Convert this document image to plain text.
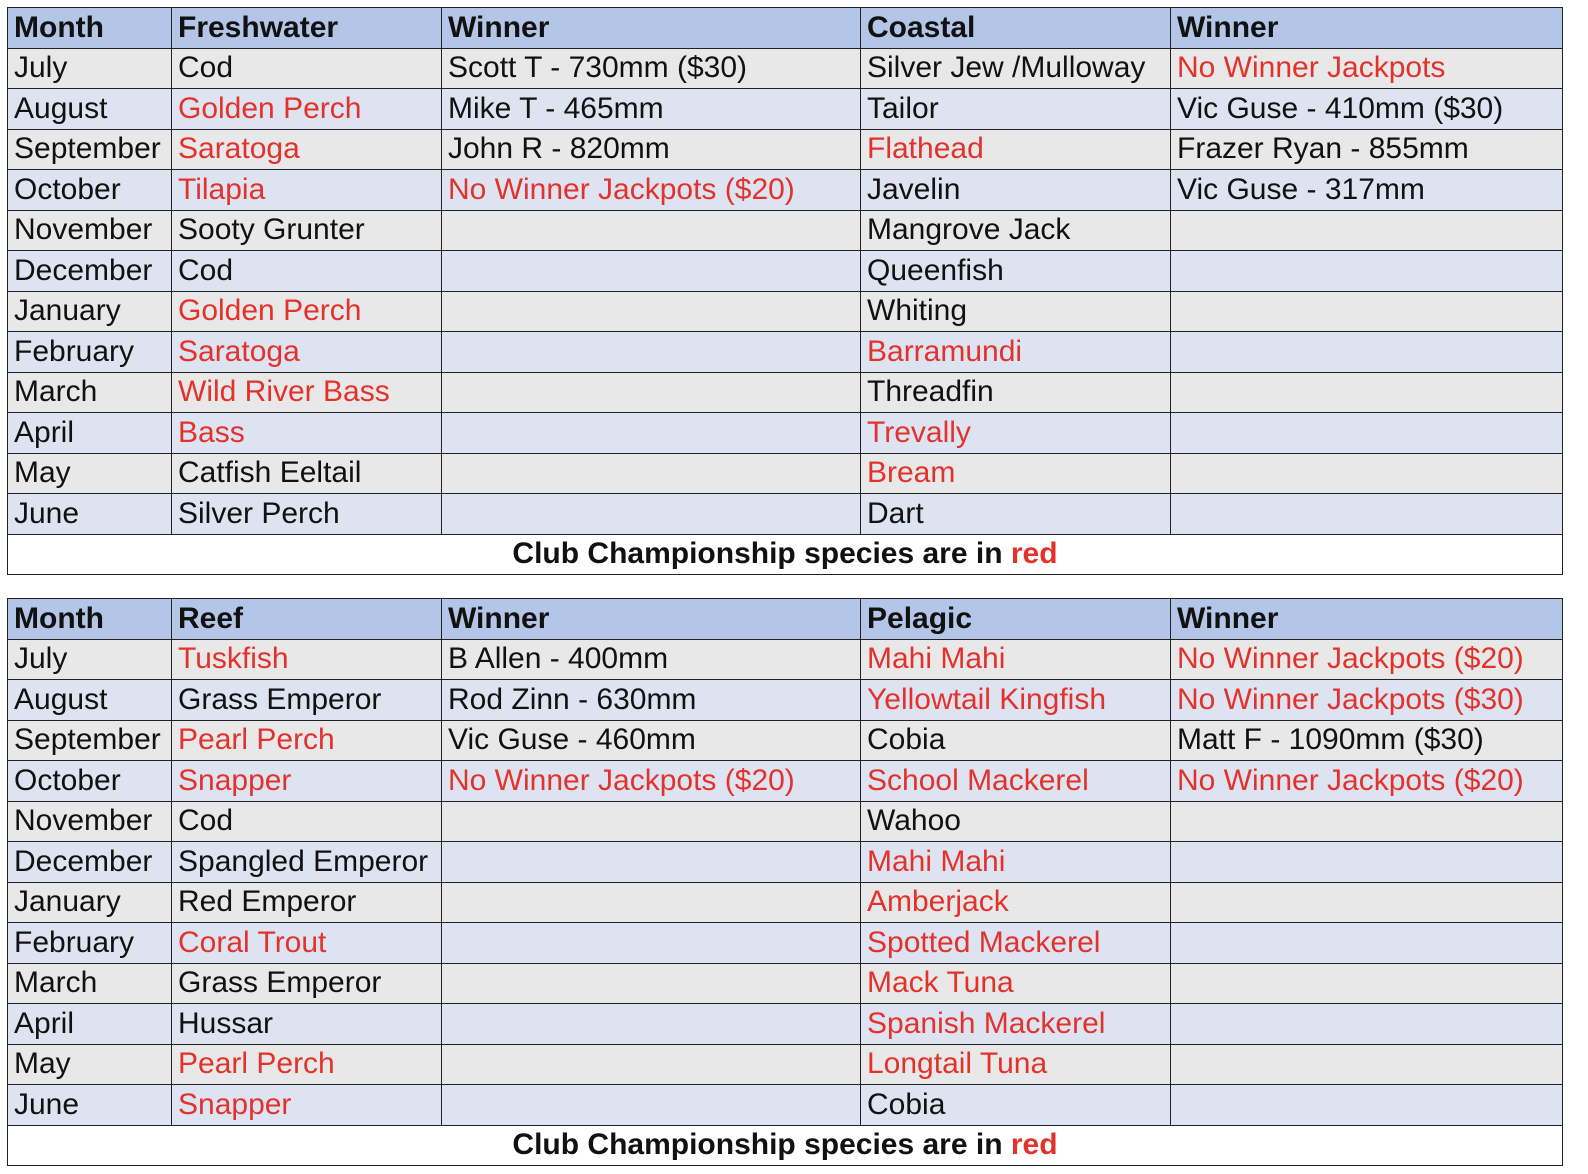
Month	Freshwater	Winner	Coastal	Winner
July	Cod	Scott T - 730mm ($30)	Silver Jew /Mulloway	No Winner Jackpots
August	Golden Perch	Mike T - 465mm	Tailor	Vic Guse - 410mm ($30)
September	Saratoga	John R - 820mm	Flathead	Frazer Ryan - 855mm
October	Tilapia	No Winner Jackpots ($20)	Javelin	Vic Guse - 317mm
November	Sooty Grunter		Mangrove Jack	
December	Cod		Queenfish	
January	Golden Perch		Whiting	
February	Saratoga		Barramundi	
March	Wild River Bass		Threadfin	
April	Bass		Trevally	
May	Catfish Eeltail		Bream	
June	Silver Perch		Dart	
Club Championship species are in red				
Month	Reef	Winner	Pelagic	Winner
July	Tuskfish	B Allen - 400mm	Mahi Mahi	No Winner Jackpots ($20)
August	Grass Emperor	Rod Zinn - 630mm	Yellowtail Kingfish	No Winner Jackpots ($30)
September	Pearl Perch	Vic Guse - 460mm	Cobia	Matt F - 1090mm ($30)
October	Snapper	No Winner Jackpots ($20)	School Mackerel	No Winner Jackpots ($20)
November	Cod		Wahoo	
December	Spangled Emperor		Mahi Mahi	
January	Red Emperor		Amberjack	
February	Coral Trout		Spotted Mackerel	
March	Grass Emperor		Mack Tuna	
April	Hussar		Spanish Mackerel	
May	Pearl Perch		Longtail Tuna	
June	Snapper		Cobia	
Club Championship species are in red				
